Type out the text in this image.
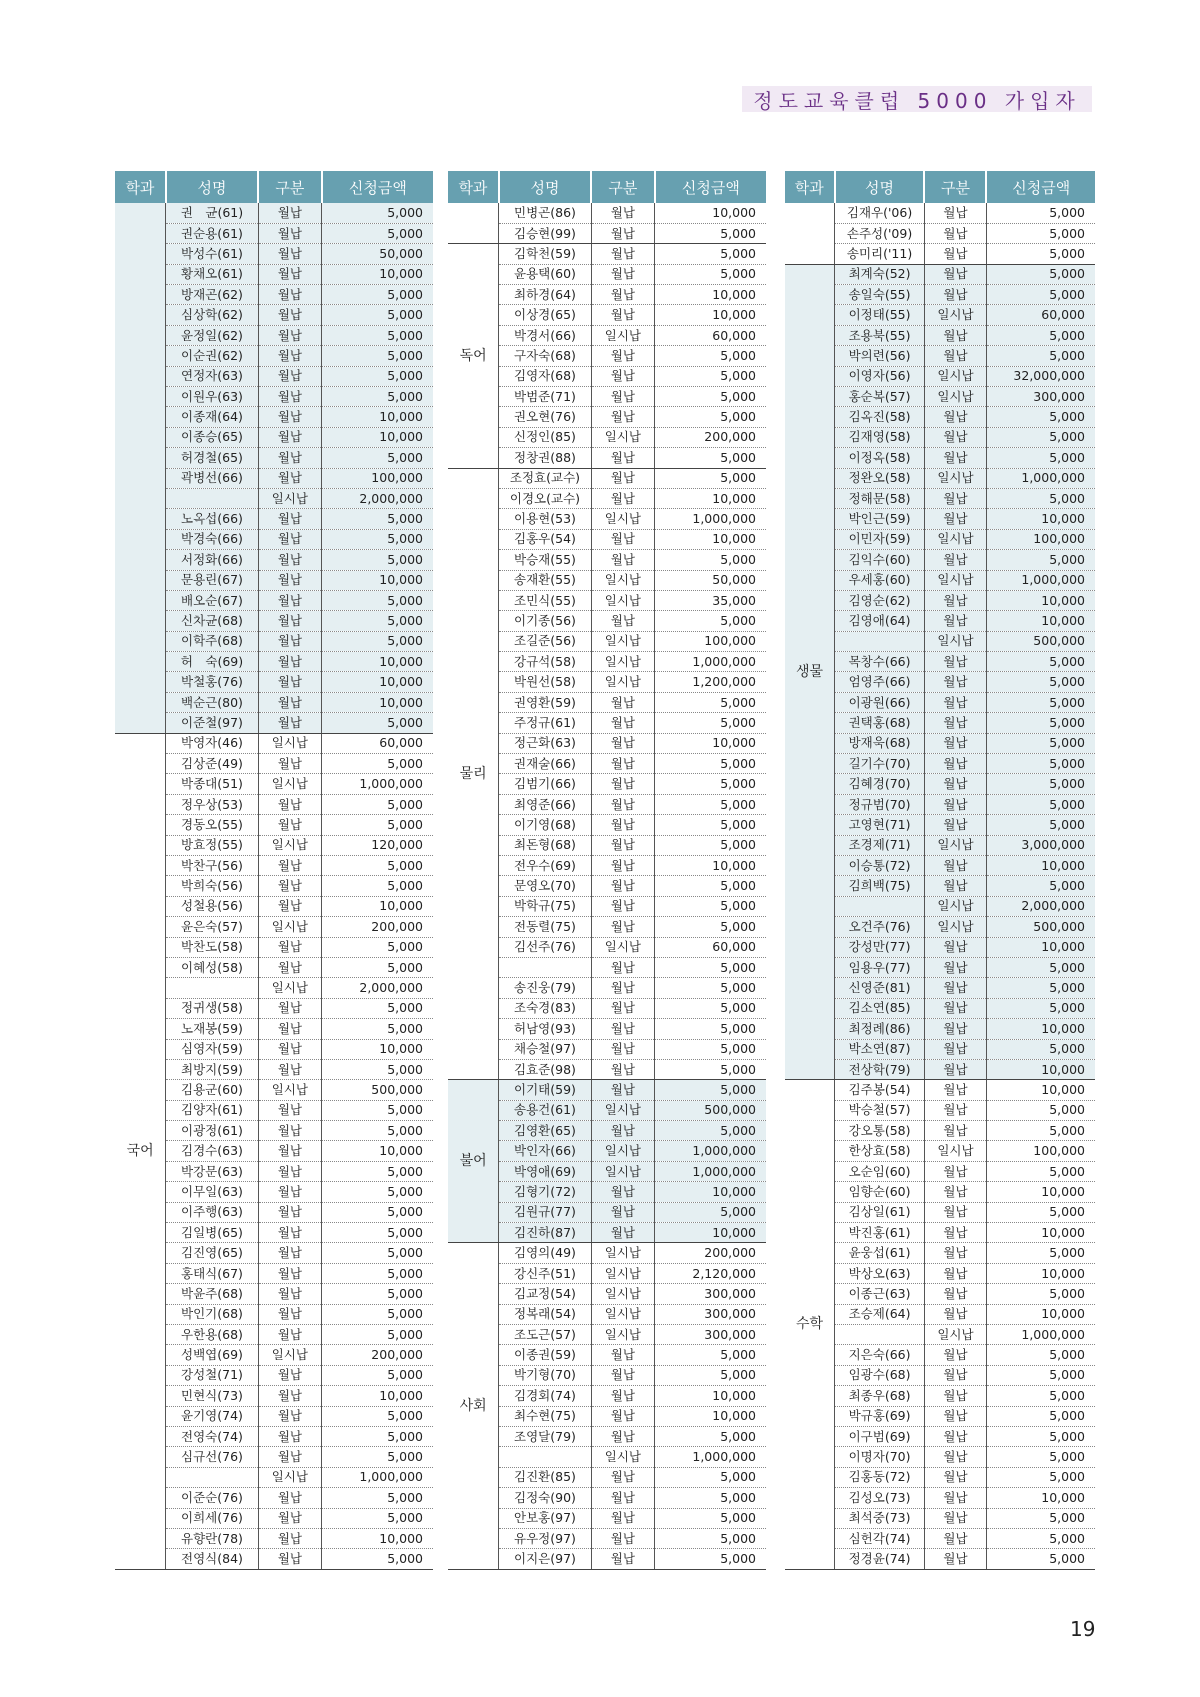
정도교육클럽 5000 가입자
학과	성명	구분	신청금액
	권　균(61)	월납	5,000
	권순용(61)	월납	5,000
	박성수(61)	월납	50,000
	황채오(61)	월납	10,000
	방재곤(62)	월납	5,000
	심상학(62)	월납	5,000
	윤정일(62)	월납	5,000
	이순권(62)	월납	5,000
	연정자(63)	월납	5,000
	이원우(63)	월납	5,000
	이종재(64)	월납	10,000
	이종승(65)	월납	10,000
	허경철(65)	월납	5,000
	곽병선(66)	월납	100,000
		일시납	2,000,000
	노옥섭(66)	월납	5,000
	박경숙(66)	월납	5,000
	서정화(66)	월납	5,000
	문용린(67)	월납	10,000
	배오순(67)	월납	5,000
	신차균(68)	월납	5,000
	이학주(68)	월납	5,000
	허　숙(69)	월납	10,000
	박철홍(76)	월납	10,000
	백순근(80)	월납	10,000
	이준철(97)	월납	5,000
국어	박영자(46)	일시납	60,000
	김상준(49)	월납	5,000
	박종대(51)	일시납	1,000,000
	정우상(53)	월납	5,000
	경동오(55)	월납	5,000
	방효정(55)	일시납	120,000
	박찬구(56)	월납	5,000
	박희숙(56)	월납	5,000
	성철용(56)	월납	10,000
	윤은숙(57)	일시납	200,000
	박찬도(58)	월납	5,000
	이혜성(58)	월납	5,000
		일시납	2,000,000
	정귀생(58)	월납	5,000
	노재봉(59)	월납	5,000
	심영자(59)	월납	10,000
	최방지(59)	월납	5,000
	김용군(60)	일시납	500,000
	김양자(61)	월납	5,000
	이광정(61)	월납	5,000
	김경수(63)	월납	10,000
	박강문(63)	월납	5,000
	이무일(63)	월납	5,000
	이주행(63)	월납	5,000
	김일병(65)	월납	5,000
	김진영(65)	월납	5,000
	홍태식(67)	월납	5,000
	박윤주(68)	월납	5,000
	박인기(68)	월납	5,000
	우한용(68)	월납	5,000
	성백엽(69)	일시납	200,000
	강성철(71)	월납	5,000
	민현식(73)	월납	10,000
	윤기영(74)	월납	5,000
	전영숙(74)	월납	5,000
	심규선(76)	월납	5,000
		일시납	1,000,000
	이준순(76)	월납	5,000
	이희세(76)	월납	5,000
	유향란(78)	월납	10,000
	전영식(84)	월납	5,000
학과	성명	구분	신청금액
	민병곤(86)	월납	10,000
	김승현(99)	월납	5,000
독어	김학천(59)	월납	5,000
	윤용택(60)	월납	5,000
	최하경(64)	월납	10,000
	이상경(65)	월납	10,000
	박경서(66)	일시납	60,000
	구자숙(68)	월납	5,000
	김영자(68)	월납	5,000
	박범준(71)	월납	5,000
	권오현(76)	월납	5,000
	신정인(85)	일시납	200,000
	정창권(88)	월납	5,000
물리	조정효(교수)	월납	5,000
	이경오(교수)	월납	10,000
	이용현(53)	일시납	1,000,000
	김홍우(54)	월납	10,000
	박승재(55)	월납	5,000
	송재환(55)	일시납	50,000
	조민식(55)	일시납	35,000
	이기종(56)	월납	5,000
	조길준(56)	일시납	100,000
	강규석(58)	일시납	1,000,000
	박원선(58)	일시납	1,200,000
	권영환(59)	월납	5,000
	주정규(61)	월납	5,000
	정근화(63)	월납	10,000
	권재술(66)	월납	5,000
	김범기(66)	월납	5,000
	최영준(66)	월납	5,000
	이기영(68)	월납	5,000
	최돈형(68)	월납	5,000
	전우수(69)	월납	10,000
	문영오(70)	월납	5,000
	박학규(75)	월납	5,000
	전동렬(75)	월납	5,000
	김선주(76)	일시납	60,000
		월납	5,000
	송진웅(79)	월납	5,000
	조숙경(83)	월납	5,000
	허남영(93)	월납	5,000
	채승철(97)	월납	5,000
	김효준(98)	월납	5,000
불어	이기태(59)	월납	5,000
	송용건(61)	일시납	500,000
	김영환(65)	월납	5,000
	박인자(66)	일시납	1,000,000
	박영애(69)	일시납	1,000,000
	김형기(72)	월납	10,000
	김원규(77)	월납	5,000
	김진하(87)	월납	10,000
사회	김영의(49)	일시납	200,000
	강신주(51)	일시납	2,120,000
	김교정(54)	일시납	300,000
	정복래(54)	일시납	300,000
	조도근(57)	일시납	300,000
	이종권(59)	월납	5,000
	박기형(70)	월납	5,000
	김경회(74)	월납	10,000
	최수현(75)	월납	10,000
	조영달(79)	월납	5,000
		일시납	1,000,000
	김진환(85)	월납	5,000
	김정숙(90)	월납	5,000
	안보홍(97)	월납	5,000
	유우정(97)	월납	5,000
	이지은(97)	월납	5,000
학과	성명	구분	신청금액
	김재우('06)	월납	5,000
	손주성('09)	월납	5,000
	송미리('11)	월납	5,000
생물	최계숙(52)	월납	5,000
	송일숙(55)	월납	5,000
	이정태(55)	일시납	60,000
	조용북(55)	월납	5,000
	박의련(56)	월납	5,000
	이영자(56)	일시납	32,000,000
	홍순복(57)	일시납	300,000
	김옥진(58)	월납	5,000
	김재영(58)	월납	5,000
	이정옥(58)	월납	5,000
	정완오(58)	일시납	1,000,000
	정해문(58)	월납	5,000
	박인근(59)	월납	10,000
	이민자(59)	일시납	100,000
	김익수(60)	월납	5,000
	우세홍(60)	일시납	1,000,000
	김영순(62)	월납	10,000
	김영애(64)	월납	10,000
		일시납	500,000
	목창수(66)	월납	5,000
	엄영주(66)	월납	5,000
	이광원(66)	월납	5,000
	권택홍(68)	월납	5,000
	방재욱(68)	월납	5,000
	길기수(70)	월납	5,000
	김혜경(70)	월납	5,000
	정규범(70)	월납	5,000
	고영현(71)	월납	5,000
	조경제(71)	일시납	3,000,000
	이승통(72)	월납	10,000
	김희백(75)	월납	5,000
		일시납	2,000,000
	오건주(76)	일시납	500,000
	강성만(77)	월납	10,000
	임용우(77)	월납	5,000
	신영준(81)	월납	5,000
	김소연(85)	월납	5,000
	최정례(86)	월납	10,000
	박소연(87)	월납	5,000
	전상학(79)	월납	10,000
수학	김주봉(54)	월납	10,000
	박승철(57)	월납	5,000
	강오통(58)	월납	5,000
	한상효(58)	일시납	100,000
	오순임(60)	월납	5,000
	임향순(60)	월납	10,000
	김상일(61)	월납	5,000
	박진홍(61)	월납	10,000
	윤웅섭(61)	월납	5,000
	박상오(63)	월납	10,000
	이종근(63)	월납	5,000
	조승제(64)	월납	10,000
		일시납	1,000,000
	지은숙(66)	월납	5,000
	임광수(68)	월납	5,000
	최종우(68)	월납	5,000
	박규홍(69)	월납	5,000
	이구범(69)	월납	5,000
	이명자(70)	월납	5,000
	김홍동(72)	월납	5,000
	김성오(73)	월납	10,000
	최석중(73)	월납	5,000
	심헌각(74)	월납	5,000
	정경윤(74)	월납	5,000
19
